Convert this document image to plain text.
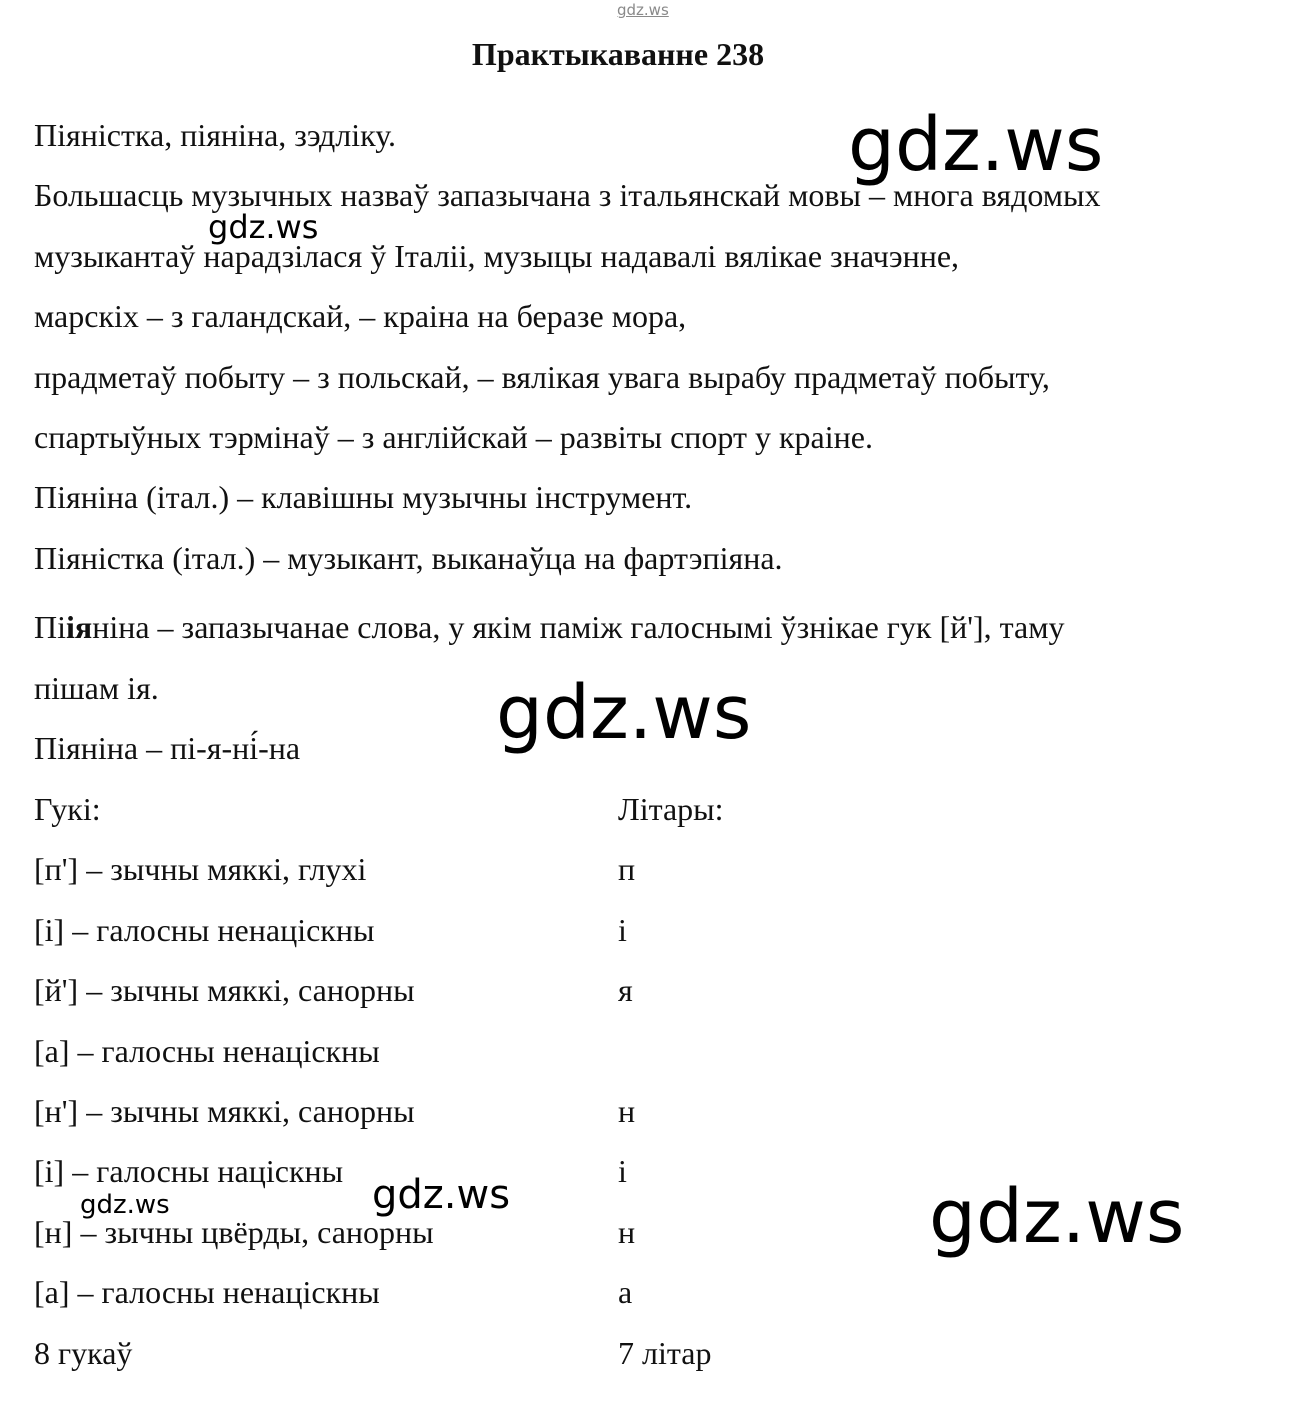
gdz.ws
Практыкаванне 238
Піяністка, піяніна, зэдліку.
Большасць музычных назваў запазычана з італьянскай мовы – многа вядомых
музыкантаў нарадзілася ў Італіі, музыцы надавалі вялікае значэнне,
марскіх – з галандскай, – краіна на беразе мора,
прадметаў побыту – з польскай, – вялікая увага вырабу прадметаў побыту,
спартыўных тэрмінаў – з англійскай – развіты спорт у краіне.
Піяніна (італ.) – клавішны музычны інструмент.
Піяністка (італ.) – музыкант, выканаўца на фартэпіяна.
Пііяніна – запазычанае слова, у якім паміж галоснымі ўзнікае гук [й'], таму
пішам ія.
Піяніна – пі-я-ні́-на
Гукі:	Літары:
[п'] – зычны мяккі, глухі	п
[і] – галосны ненаціскны	і
[й'] – зычны мяккі, санорны	я
[а] – галосны ненаціскны
[н'] – зычны мяккі, санорны	н
[і] – галосны націскны	і
[н] – зычны цвёрды, санорны	н
[а] – галосны ненаціскны	а
8 гукаў	7 літар
gdz.ws
gdz.ws
gdz.ws
gdz.ws
gdz.ws	gdz.ws
